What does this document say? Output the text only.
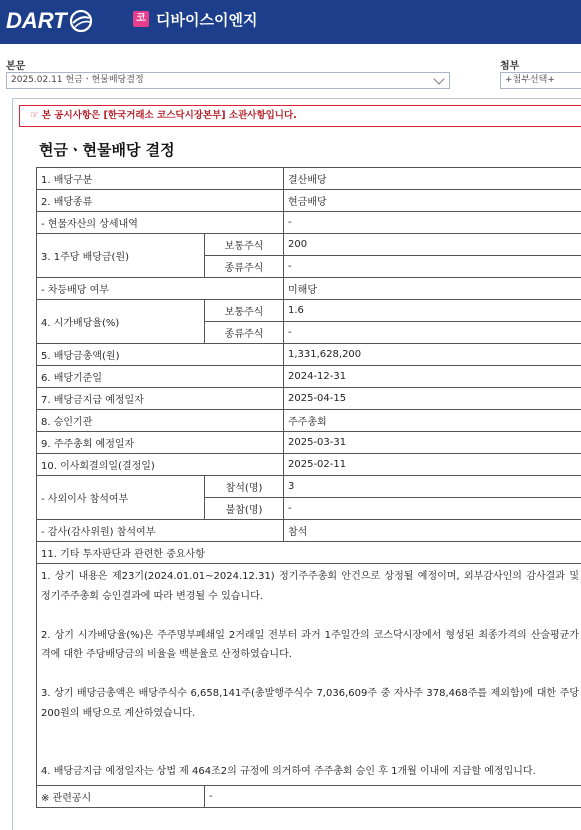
DART	코 디바이스이엔지
본문
2025.02.11 현금ㆍ현물배당결정
첨부
+첨부선택+
☞ 본 공시사항은 [한국거래소 코스닥시장본부] 소관사항입니다.
현금ㆍ현물배당 결정
1. 배당구분		결산배당
2. 배당종류		현금배당
- 현물자산의 상세내역		-
3. 1주당 배당금(원)	보통주식	200
	종류주식	-
- 차등배당 여부		미해당
4. 시가배당율(%)	보통주식	1.6
	종류주식	-
5. 배당금총액(원)		1,331,628,200
6. 배당기준일		2024-12-31
7. 배당금지급 예정일자		2025-04-15
8. 승인기관		주주총회
9. 주주총회 예정일자		2025-03-31
10. 이사회결의일(결정일)		2025-02-11
- 사외이사 참석여부	참석(명)	3
	불참(명)	-
- 감사(감사위원) 참석여부		참석
11. 기타 투자판단과 관련한 중요사항		
1. 상기 내용은 제23기(2024.01.01~2024.12.31) 정기주주총회 안건으로 상정될 예정이며, 외부감사인의 감사결과 및 정기주주총회 승인결과에 따라 변경될 수 있습니다.
2. 상기 시가배당율(%)은 주주명부폐쇄일 2거래일 전부터 과거 1주일간의 코스닥시장에서 형성된 최종가격의 산술평균가격에 대한 주당배당금의 비율을 백분율로 산정하였습니다.
3. 상기 배당금총액은 배당주식수 6,658,141주(총발행주식수 7,036,609주 중 자사주 378,468주를 제외함)에 대한 주당 200원의 배당으로 계산하였습니다.
4. 배당금지급 예정일자는 상법 제 464조2의 규정에 의거하여 주주총회 승인 후 1개월 이내에 지급할 예정입니다.		
※ 관련공시	-	
